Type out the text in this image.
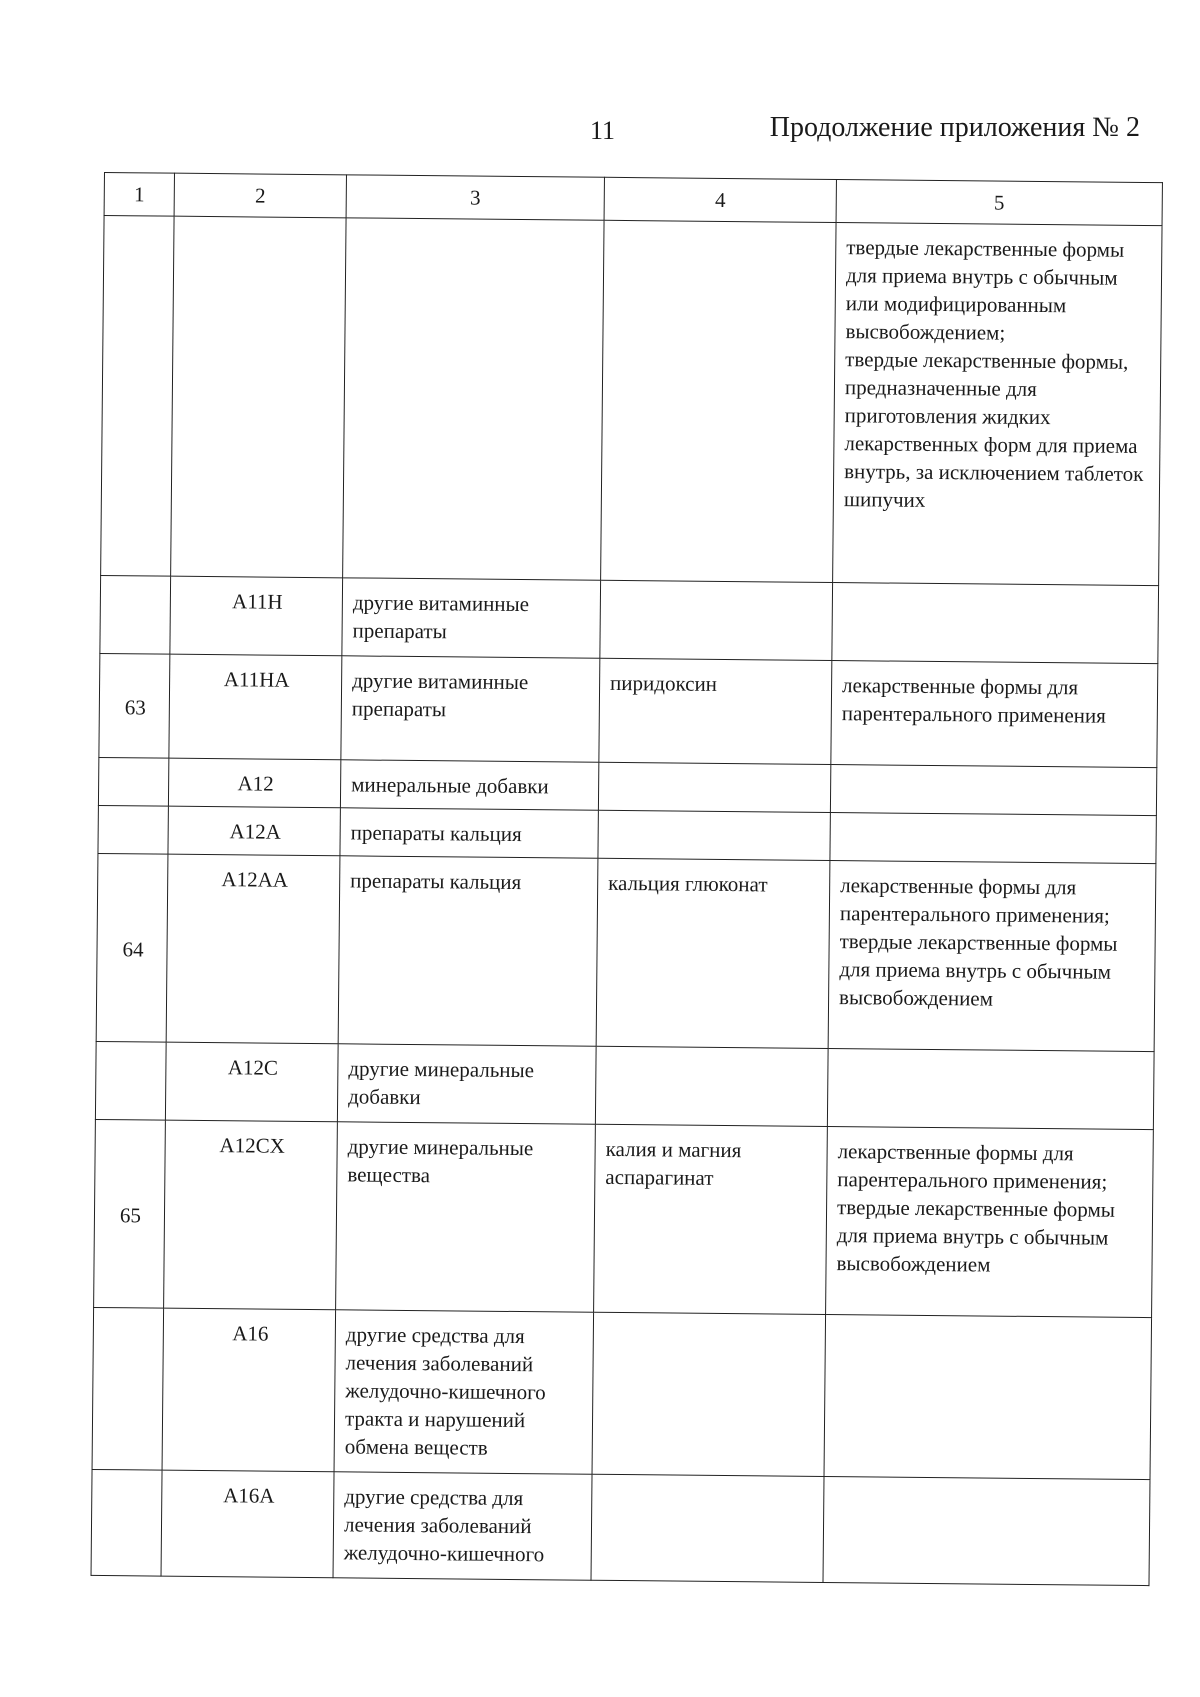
11	Продолжение приложения № 2
1	2	3	4	5
				твердые лекарственные формы для приема внутрь с обычным или модифицированным высвобождением;
твердые лекарственные формы, предназначенные для приготовления жидких лекарственных форм для приема внутрь, за исключением таблеток шипучих
	A11H	другие витаминные препараты		
63	A11HA	другие витаминные препараты	пиридоксин	лекарственные формы для парентерального применения
	A12	минеральные добавки		
	A12A	препараты кальция		
64	A12AA	препараты кальция	кальция глюконат	лекарственные формы для парентерального применения;
твердые лекарственные формы для приема внутрь с обычным высвобождением
	A12C	другие минеральные добавки		
65	A12CX	другие минеральные вещества	калия и магния аспарагинат	лекарственные формы для парентерального применения;
твердые лекарственные формы для приема внутрь с обычным высвобождением
	A16	другие средства для лечения заболеваний желудочно-кишечного тракта и нарушений обмена веществ		
	A16A	другие средства для лечения заболеваний желудочно-кишечного		
